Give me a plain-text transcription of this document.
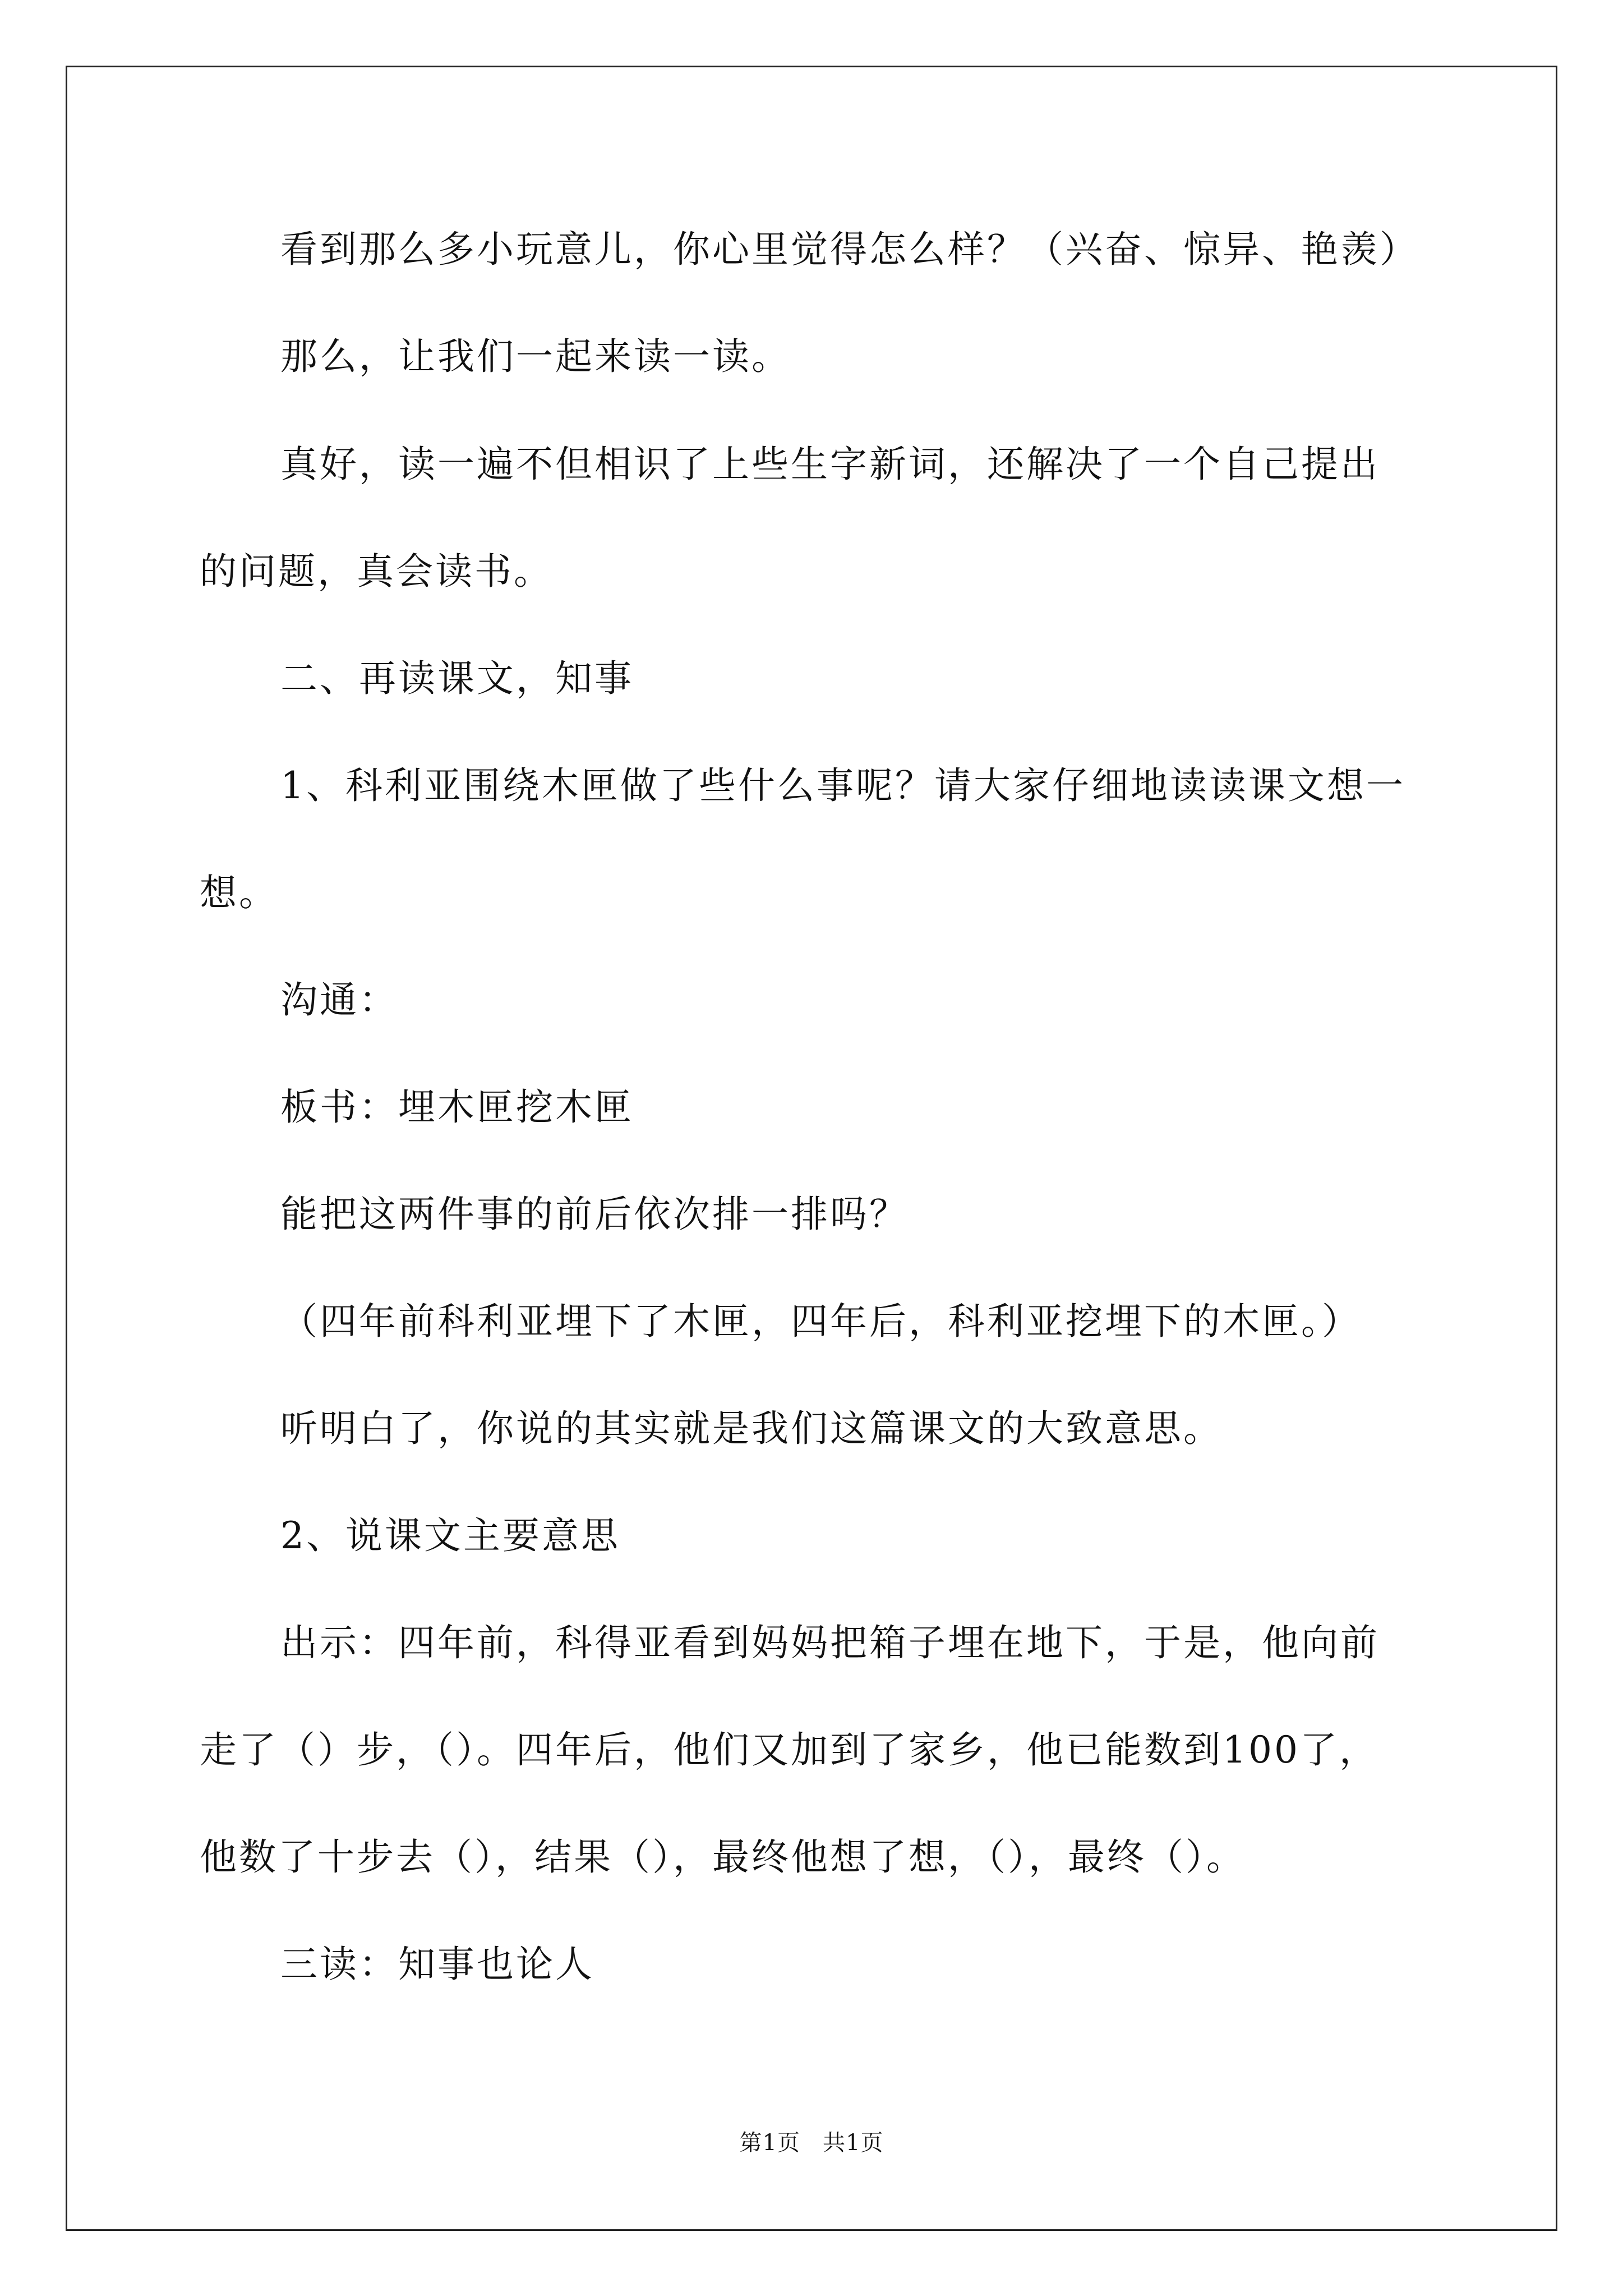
看到那么多小玩意儿，你心里觉得怎么样？（兴奋、惊异、艳羡）
那么，让我们一起来读一读。
真好，读一遍不但相识了上些生字新词，还解决了一个自己提出
的问题，真会读书。
二、再读课文，知事
1、科利亚围绕木匣做了些什么事呢？请大家仔细地读读课文想一
想。
沟通：
板书：埋木匣挖木匣
能把这两件事的前后依次排一排吗？
（四年前科利亚埋下了木匣，四年后，科利亚挖埋下的木匣。）
听明白了，你说的其实就是我们这篇课文的大致意思。
2、说课文主要意思
出示：四年前，科得亚看到妈妈把箱子埋在地下，于是，他向前
走了（）步，（）。四年后，他们又加到了家乡，他已能数到100了，
他数了十步去（），结果（），最终他想了想，（），最终（）。
三读：知事也论人
第1页 共1页
